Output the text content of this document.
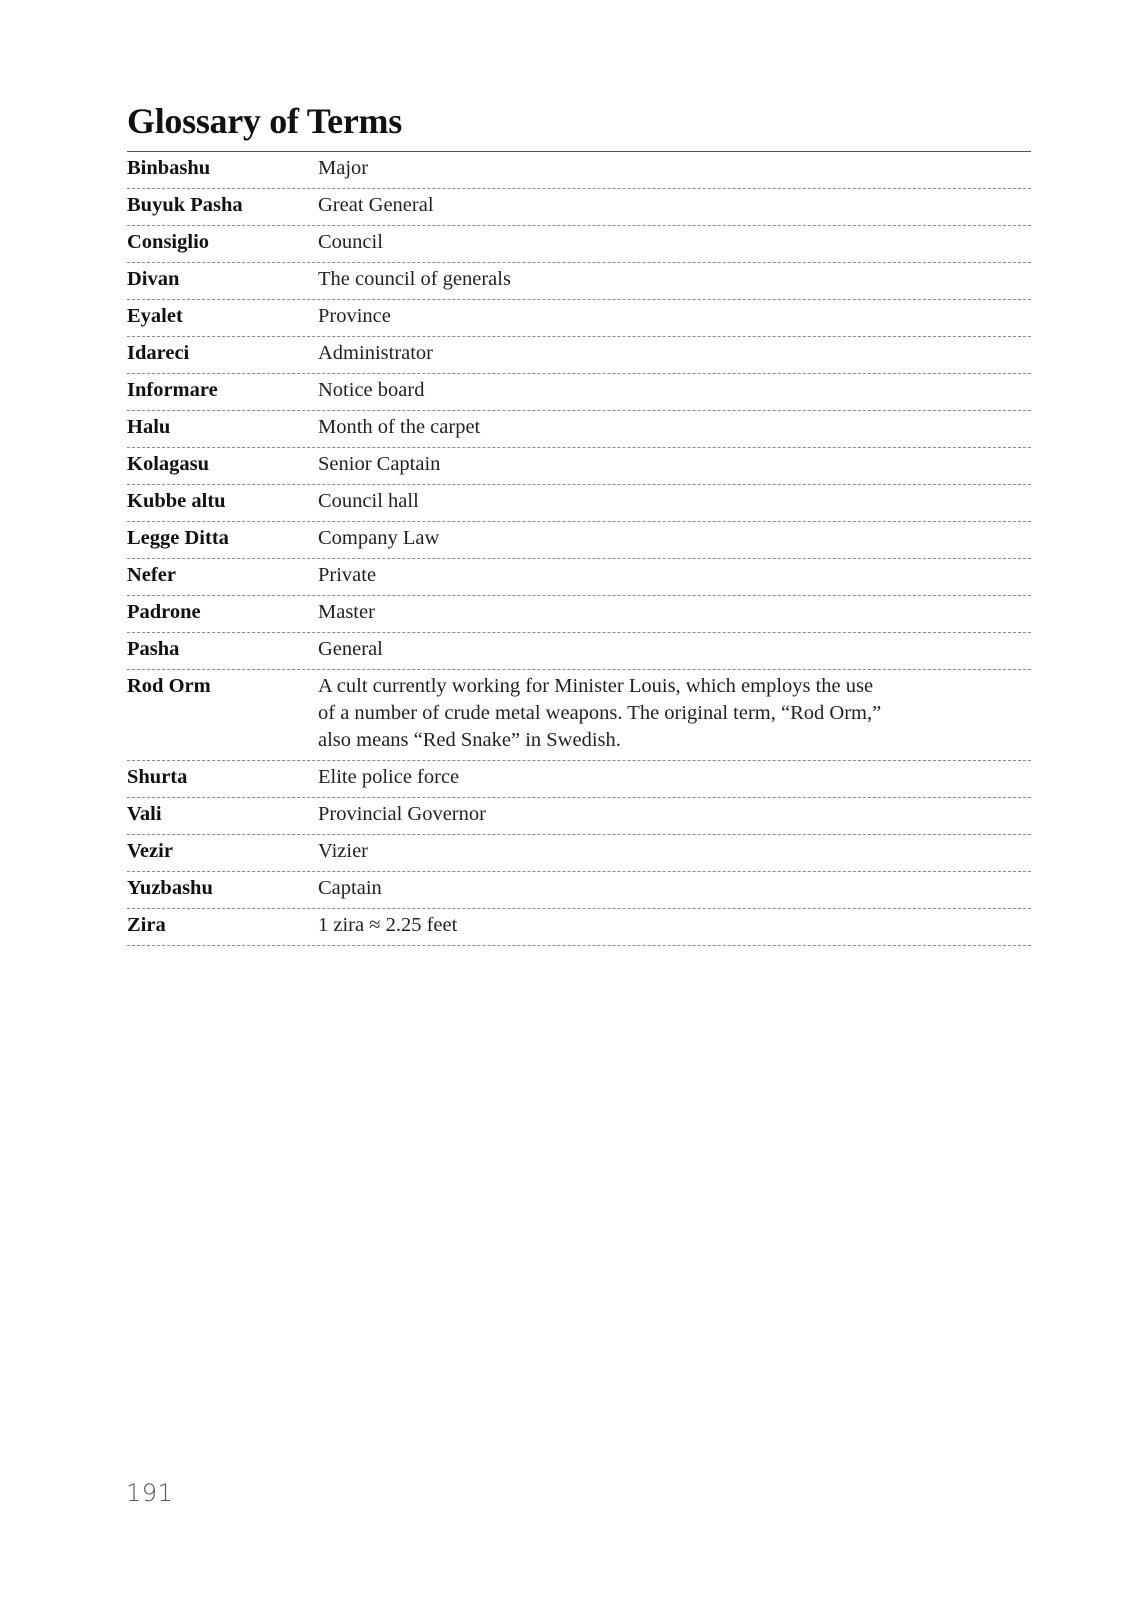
Glossary of Terms
Binbashu	Major
Buyuk Pasha	Great General
Consiglio	Council
Divan	The council of generals
Eyalet	Province
Idareci	Administrator
Informare	Notice board
Halu	Month of the carpet
Kolagasu	Senior Captain
Kubbe altu	Council hall
Legge Ditta	Company Law
Nefer	Private
Padrone	Master
Pasha	General
Rod Orm	A cult currently working for Minister Louis, which employs the use of a number of crude metal weapons. The original term, “Rod Orm,” also means “Red Snake” in Swedish.
Shurta	Elite police force
Vali	Provincial Governor
Vezir	Vizier
Yuzbashu	Captain
Zira	1 zira ≈ 2.25 feet
191
